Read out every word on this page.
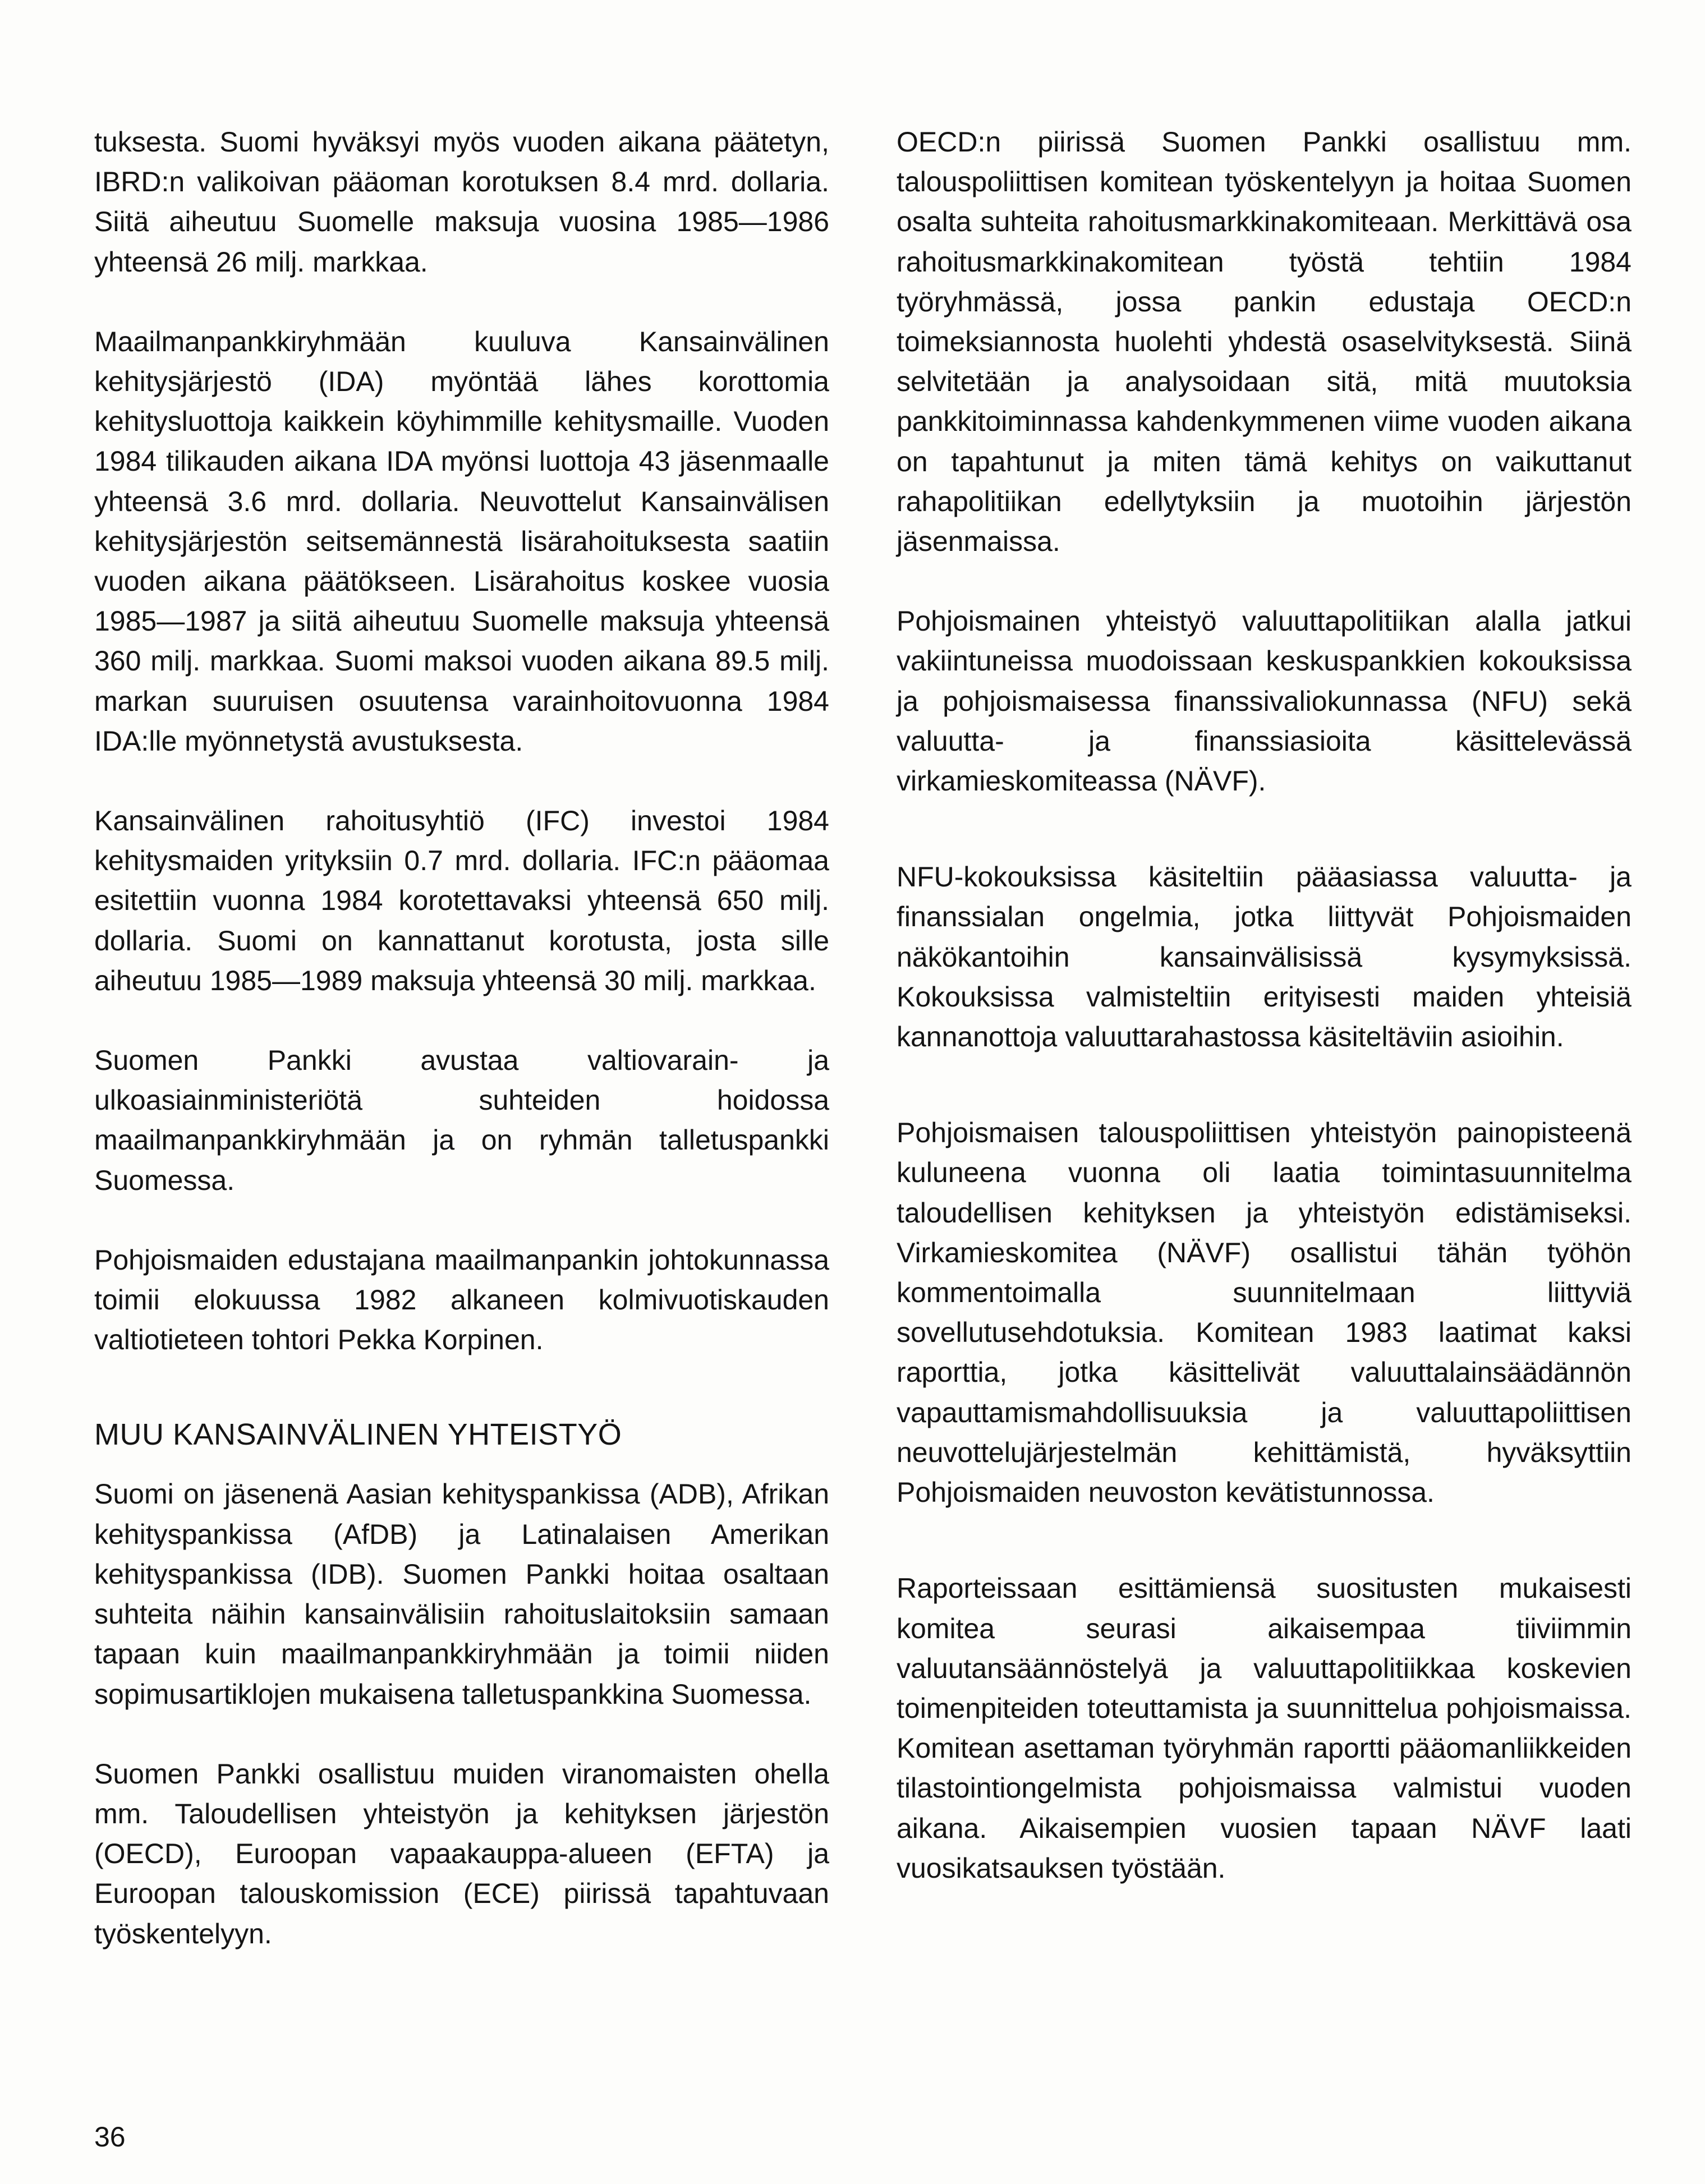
tuksesta. Suomi hyväksyi myös vuoden aikana päätetyn, IBRD:n valikoivan pääoman korotuksen 8.4 mrd. dollaria. Siitä aiheutuu Suomelle maksuja vuosina 1985—1986 yhteensä 26 milj. markkaa.

Maailmanpankkiryhmään kuuluva Kansainvälinen kehitysjärjestö (IDA) myöntää lähes korottomia kehitysluottoja kaikkein köyhimmille kehitysmaille. Vuoden 1984 tilikauden aikana IDA myönsi luottoja 43 jäsenmaalle yhteensä 3.6 mrd. dollaria. Neuvottelut Kansainvälisen kehitysjärjestön seitsemännestä lisärahoituksesta saatiin vuoden aikana päätökseen. Lisärahoitus koskee vuosia 1985—1987 ja siitä aiheutuu Suomelle maksuja yhteensä 360 milj. markkaa. Suomi maksoi vuoden aikana 89.5 milj. markan suuruisen osuutensa varainhoitovuonna 1984 IDA:lle myönnetystä avustuksesta.

Kansainvälinen rahoitusyhtiö (IFC) investoi 1984 kehitysmaiden yrityksiin 0.7 mrd. dollaria. IFC:n pääomaa esitettiin vuonna 1984 korotettavaksi yhteensä 650 milj. dollaria. Suomi on kannattanut korotusta, josta sille aiheutuu 1985—1989 maksuja yhteensä 30 milj. markkaa.

Suomen Pankki avustaa valtiovarain- ja ulkoasiainministeriötä suhteiden hoidossa maailmanpankkiryhmään ja on ryhmän talletuspankki Suomessa.

Pohjoismaiden edustajana maailmanpankin johtokunnassa toimii elokuussa 1982 alkaneen kolmivuotiskauden valtiotieteen tohtori Pekka Korpinen.

MUU KANSAINVÄLINEN YHTEISTYÖ

Suomi on jäsenenä Aasian kehityspankissa (ADB), Afrikan kehityspankissa (AfDB) ja Latinalaisen Amerikan kehityspankissa (IDB). Suomen Pankki hoitaa osaltaan suhteita näihin kansainvälisiin rahoituslaitoksiin samaan tapaan kuin maailmanpankkiryhmään ja toimii niiden sopimusartiklojen mukaisena talletuspankkina Suomessa.

Suomen Pankki osallistuu muiden viranomaisten ohella mm. Taloudellisen yhteistyön ja kehityksen järjestön (OECD), Euroopan vapaakauppa-alueen (EFTA) ja Euroopan talouskomission (ECE) piirissä tapahtuvaan työskentelyyn.

OECD:n piirissä Suomen Pankki osallistuu mm. talouspoliittisen komitean työskentelyyn ja hoitaa Suomen osalta suhteita rahoitusmarkkinakomiteaan. Merkittävä osa rahoitusmarkkinakomitean työstä tehtiin 1984 työryhmässä, jossa pankin edustaja OECD:n toimeksiannosta huolehti yhdestä osaselvityksestä. Siinä selvitetään ja analysoidaan sitä, mitä muutoksia pankkitoiminnassa kahdenkymmenen viime vuoden aikana on tapahtunut ja miten tämä kehitys on vaikuttanut rahapolitiikan edellytyksiin ja muotoihin järjestön jäsenmaissa.

Pohjoismainen yhteistyö valuuttapolitiikan alalla jatkui vakiintuneissa muodoissaan keskuspankkien kokouksissa ja pohjoismaisessa finanssivaliokunnassa (NFU) sekä valuutta- ja finanssiasioita käsittelevässä virkamieskomiteassa (NÄVF).

NFU-kokouksissa käsiteltiin pääasiassa valuutta- ja finanssialan ongelmia, jotka liittyvät Pohjoismaiden näkökantoihin kansainvälisissä kysymyksissä. Kokouksissa valmisteltiin erityisesti maiden yhteisiä kannanottoja valuuttarahastossa käsiteltäviin asioihin.

Pohjoismaisen talouspoliittisen yhteistyön painopisteenä kuluneena vuonna oli laatia toimintasuunnitelma taloudellisen kehityksen ja yhteistyön edistämiseksi. Virkamieskomitea (NÄVF) osallistui tähän työhön kommentoimalla suunnitelmaan liittyviä sovellutusehdotuksia. Komitean 1983 laatimat kaksi raporttia, jotka käsittelivät valuuttalainsäädännön vapauttamismahdollisuuksia ja valuuttapoliittisen neuvottelujärjestelmän kehittämistä, hyväksyttiin Pohjoismaiden neuvoston kevätistunnossa.

Raporteissaan esittämiensä suositusten mukaisesti komitea seurasi aikaisempaa tiiviimmin valuutansäännöstelyä ja valuuttapolitiikkaa koskevien toimenpiteiden toteuttamista ja suunnittelua pohjoismaissa. Komitean asettaman työryhmän raportti pääomanliikkeiden tilastointiongelmista pohjoismaissa valmistui vuoden aikana. Aikaisempien vuosien tapaan NÄVF laati vuosikatsauksen työstään.

36
